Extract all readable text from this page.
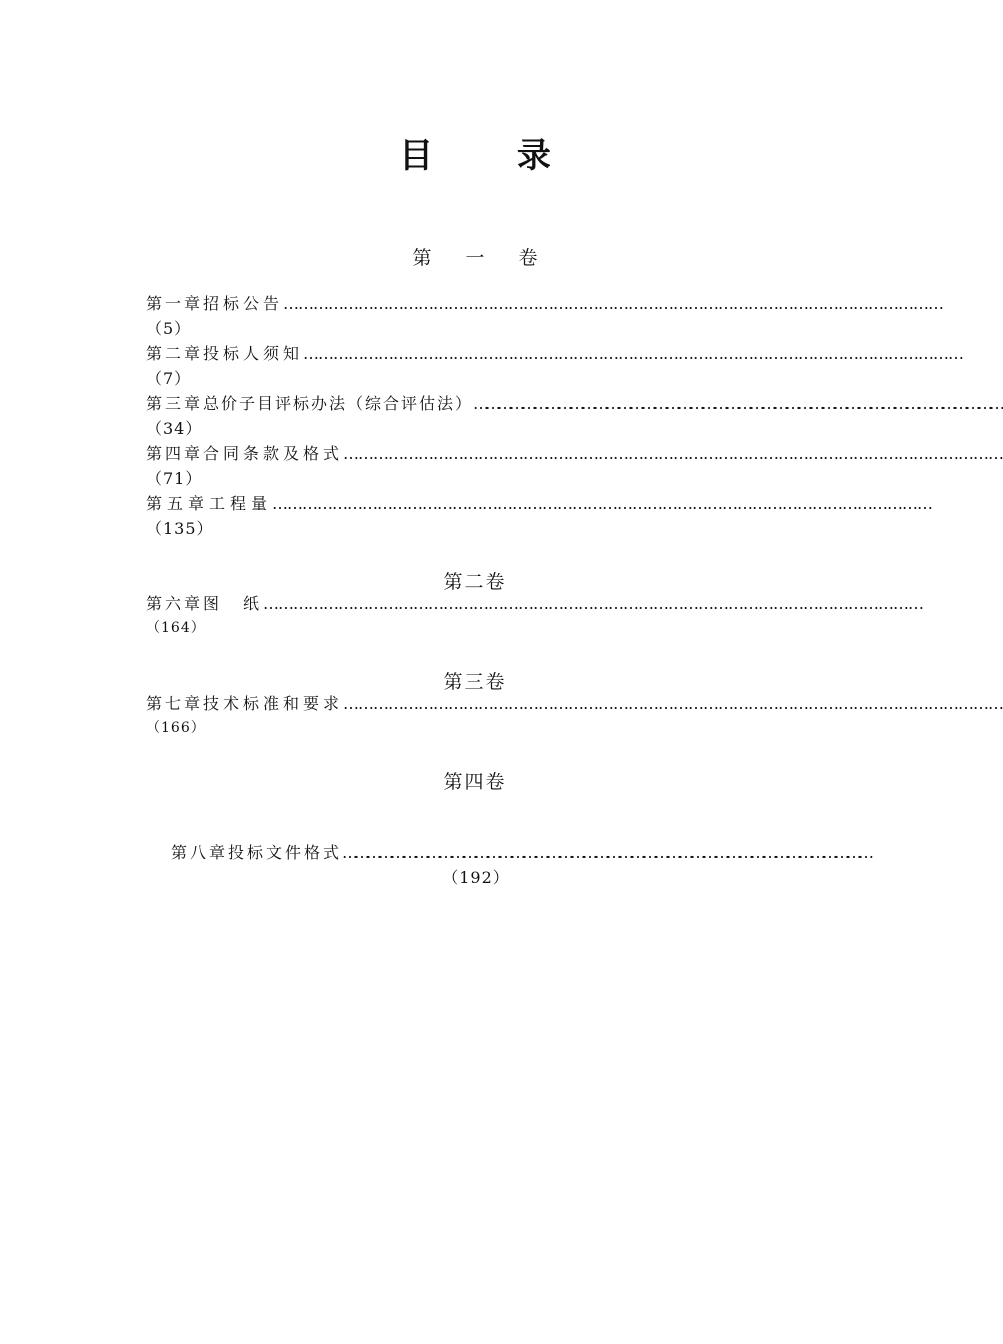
目 录
第 一 卷
第一章 招标公告 ……………………………………………………………………………………………………………………
（5）
第二章 投标人须知 ……………………………………………………………………………………………………………………
（7）
第三章 总价子目评标办法（综合评估法） ……………………………………………………………………………………………………………………
（34）
第四章 合同条款及格式 ……………………………………………………………………………………………………………………
（71）
第五章 工程量 ……………………………………………………………………………………………………………………
（135）
第二卷
第六章 图　纸 ……………………………………………………………………………………………………………………
（164）
第三卷
第七章 技术标准和要求 ……………………………………………………………………………………………………………………
（166）
第四卷
第八章 投标文件格式 ……………………………………………………………………………………………………………………
（192）
